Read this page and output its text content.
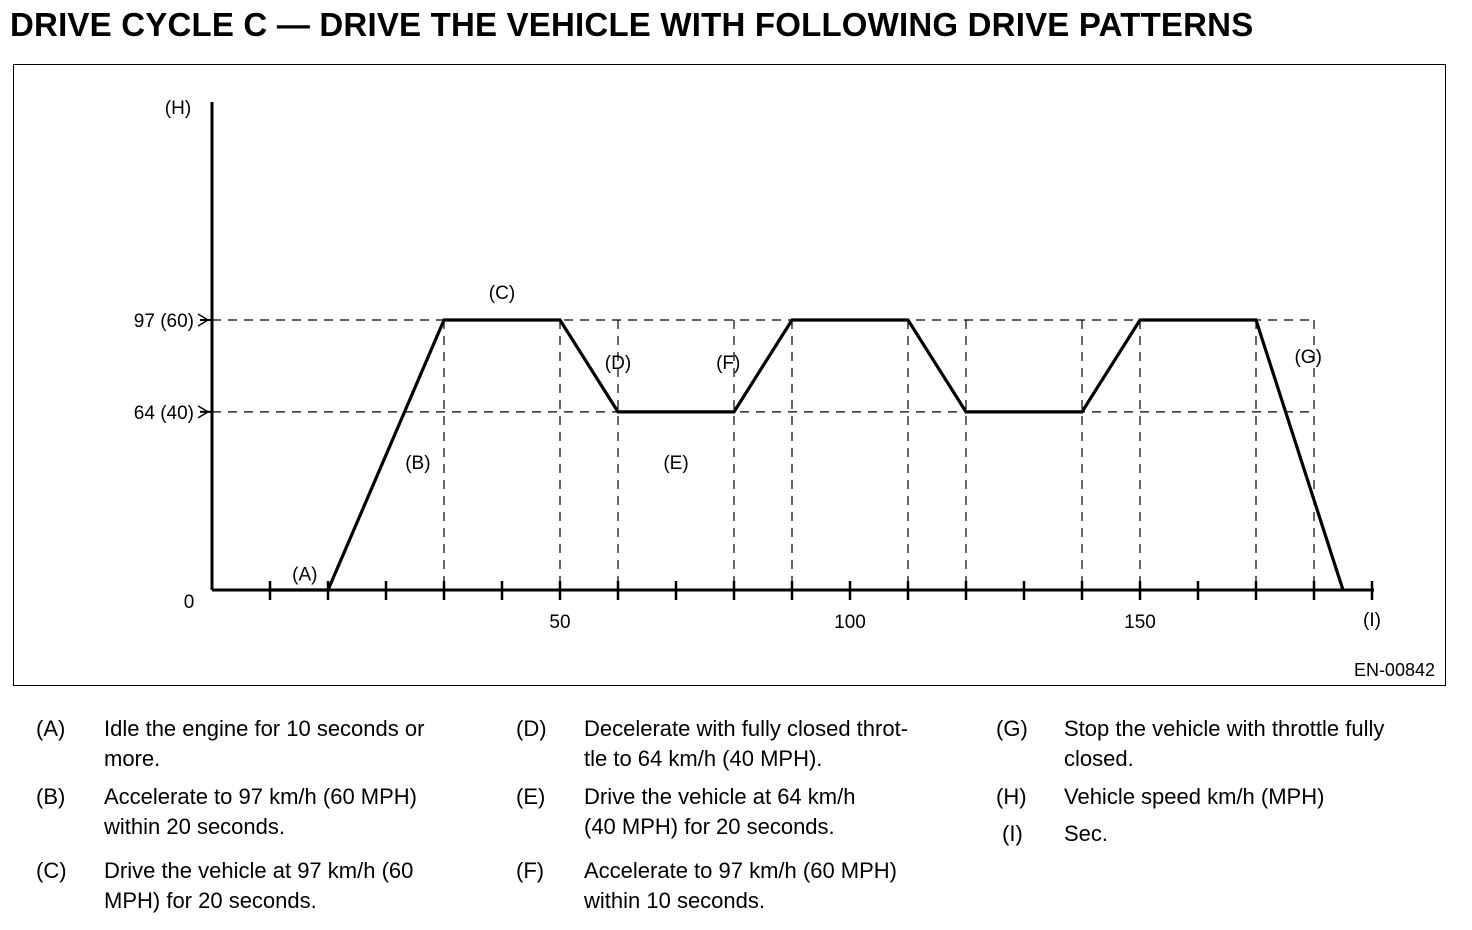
DRIVE CYCLE C — DRIVE THE VEHICLE WITH FOLLOWING DRIVE PATTERNS
EN-00842
0
64 (40)
97 (60)
(H)
50	100	150	(I)
(A)
(B)
(C)
(D)
(E)
(F)	(G)
(A) Idle the engine for 10 seconds or
more.
(B) Accelerate to 97 km/h (60 MPH)
within 20 seconds.
(C) Drive the vehicle at 97 km/h (60
MPH) for 20 seconds.
(D) Decelerate with fully closed throt-
tle to 64 km/h (40 MPH).
(E) Drive the vehicle at 64 km/h
(40 MPH) for 20 seconds.
(F) Accelerate to 97 km/h (60 MPH)
within 10 seconds.
(G) Stop the vehicle with throttle fully
closed.
(H) Vehicle speed km/h (MPH)
(I) Sec.
